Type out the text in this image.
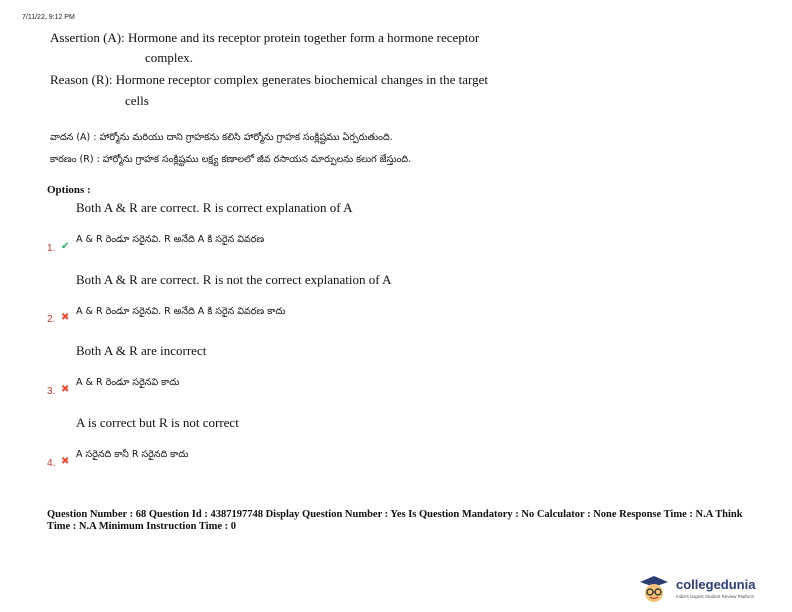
7/11/22, 9:12 PM
Assertion (A): Hormone and its receptor protein together form a hormone receptor
complex.
Reason (R): Hormone receptor complex generates biochemical changes in the target
cells
వాదన (A) : హార్మోను మరియు దాని గ్రాహకను కలిసి హార్మోను గ్రాహక సంక్లిష్టము ఏర్పరుతుంది.
కారణం (R) : హార్మోను గ్రాహక సంక్లిష్టము లక్ష్య కణాలలో జీవ రసాయన మార్పులను కలుగ జేస్తుంది.
Options :
Both A & R are correct. R is correct explanation of A
1. ✔
A & R రెండూ సరైనవి. R అనేది A కి సరైన వివరణ
Both A & R are correct. R is not the correct explanation of A
2. ✖
A & R రెండూ సరైనవి. R అనేది A కి సరైన వివరణ కాదు
Both A & R are incorrect
3. ✖
A & R రెండూ సరైనవి కాదు
A is correct but R is not correct
4. ✖
A సరైనది కానీ R సరైనది కాదు
Question Number : 68 Question Id : 4387197748 Display Question Number : Yes Is Question Mandatory : No Calculator : None Response Time : N.A Think Time : N.A Minimum Instruction Time : 0
collegedunia
India's largest Student Review Platform
